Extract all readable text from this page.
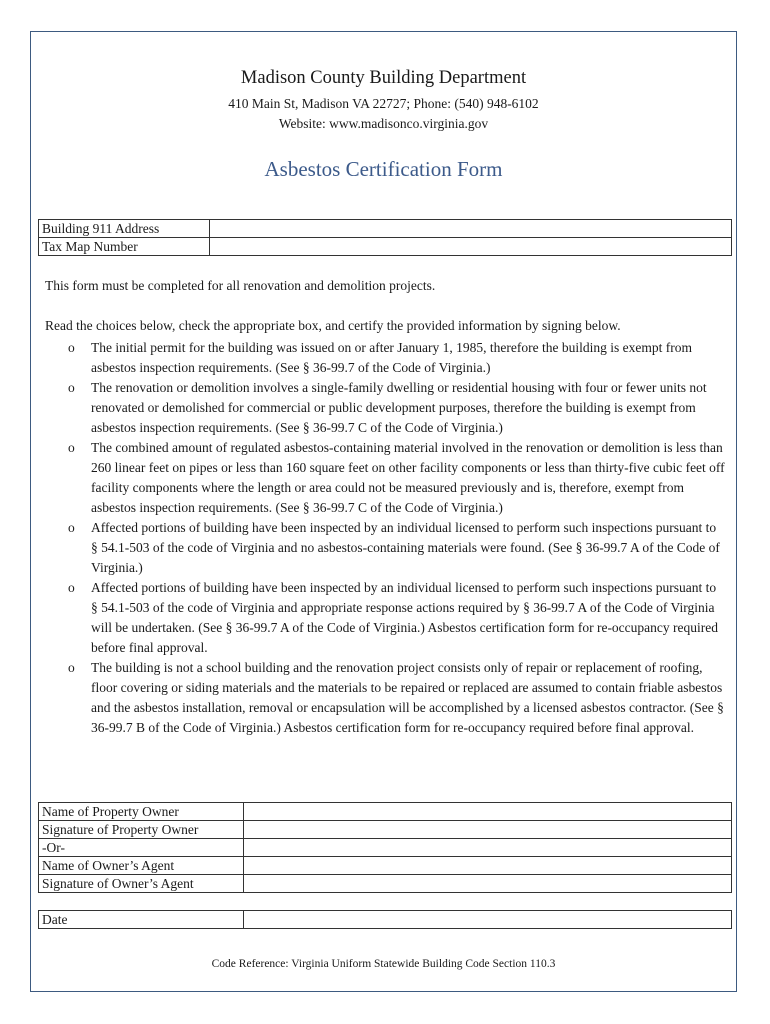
Madison County Building Department
410 Main St, Madison VA 22727; Phone: (540) 948-6102
Website: www.madisonco.virginia.gov
Asbestos Certification Form
Building 911 Address	
Tax Map Number	
This form must be completed for all renovation and demolition projects.
Read the choices below, check the appropriate box, and certify the provided information by signing below.
o The initial permit for the building was issued on or after January 1, 1985, therefore the building is exempt from asbestos inspection requirements. (See § 36-99.7 of the Code of Virginia.)
o The renovation or demolition involves a single-family dwelling or residential housing with four or fewer units not renovated or demolished for commercial or public development purposes, therefore the building is exempt from asbestos inspection requirements. (See § 36-99.7 C of the Code of Virginia.)
o The combined amount of regulated asbestos-containing material involved in the renovation or demolition is less than 260 linear feet on pipes or less than 160 square feet on other facility components or less than thirty-five cubic feet off facility components where the length or area could not be measured previously and is, therefore, exempt from asbestos inspection requirements. (See § 36-99.7 C of the Code of Virginia.)
o Affected portions of building have been inspected by an individual licensed to perform such inspections pursuant to § 54.1-503 of the code of Virginia and no asbestos-containing materials were found. (See § 36-99.7 A of the Code of Virginia.)
o Affected portions of building have been inspected by an individual licensed to perform such inspections pursuant to § 54.1-503 of the code of Virginia and appropriate response actions required by § 36-99.7 A of the Code of Virginia will be undertaken. (See § 36-99.7 A of the Code of Virginia.) Asbestos certification form for re-occupancy required before final approval.
o The building is not a school building and the renovation project consists only of repair or replacement of roofing, floor covering or siding materials and the materials to be repaired or replaced are assumed to contain friable asbestos and the asbestos installation, removal or encapsulation will be accomplished by a licensed asbestos contractor. (See § 36-99.7 B of the Code of Virginia.) Asbestos certification form for re-occupancy required before final approval.
Name of Property Owner	
Signature of Property Owner	
-Or-	
Name of Owner’s Agent	
Signature of Owner’s Agent	

Date	
Code Reference: Virginia Uniform Statewide Building Code Section 110.3
